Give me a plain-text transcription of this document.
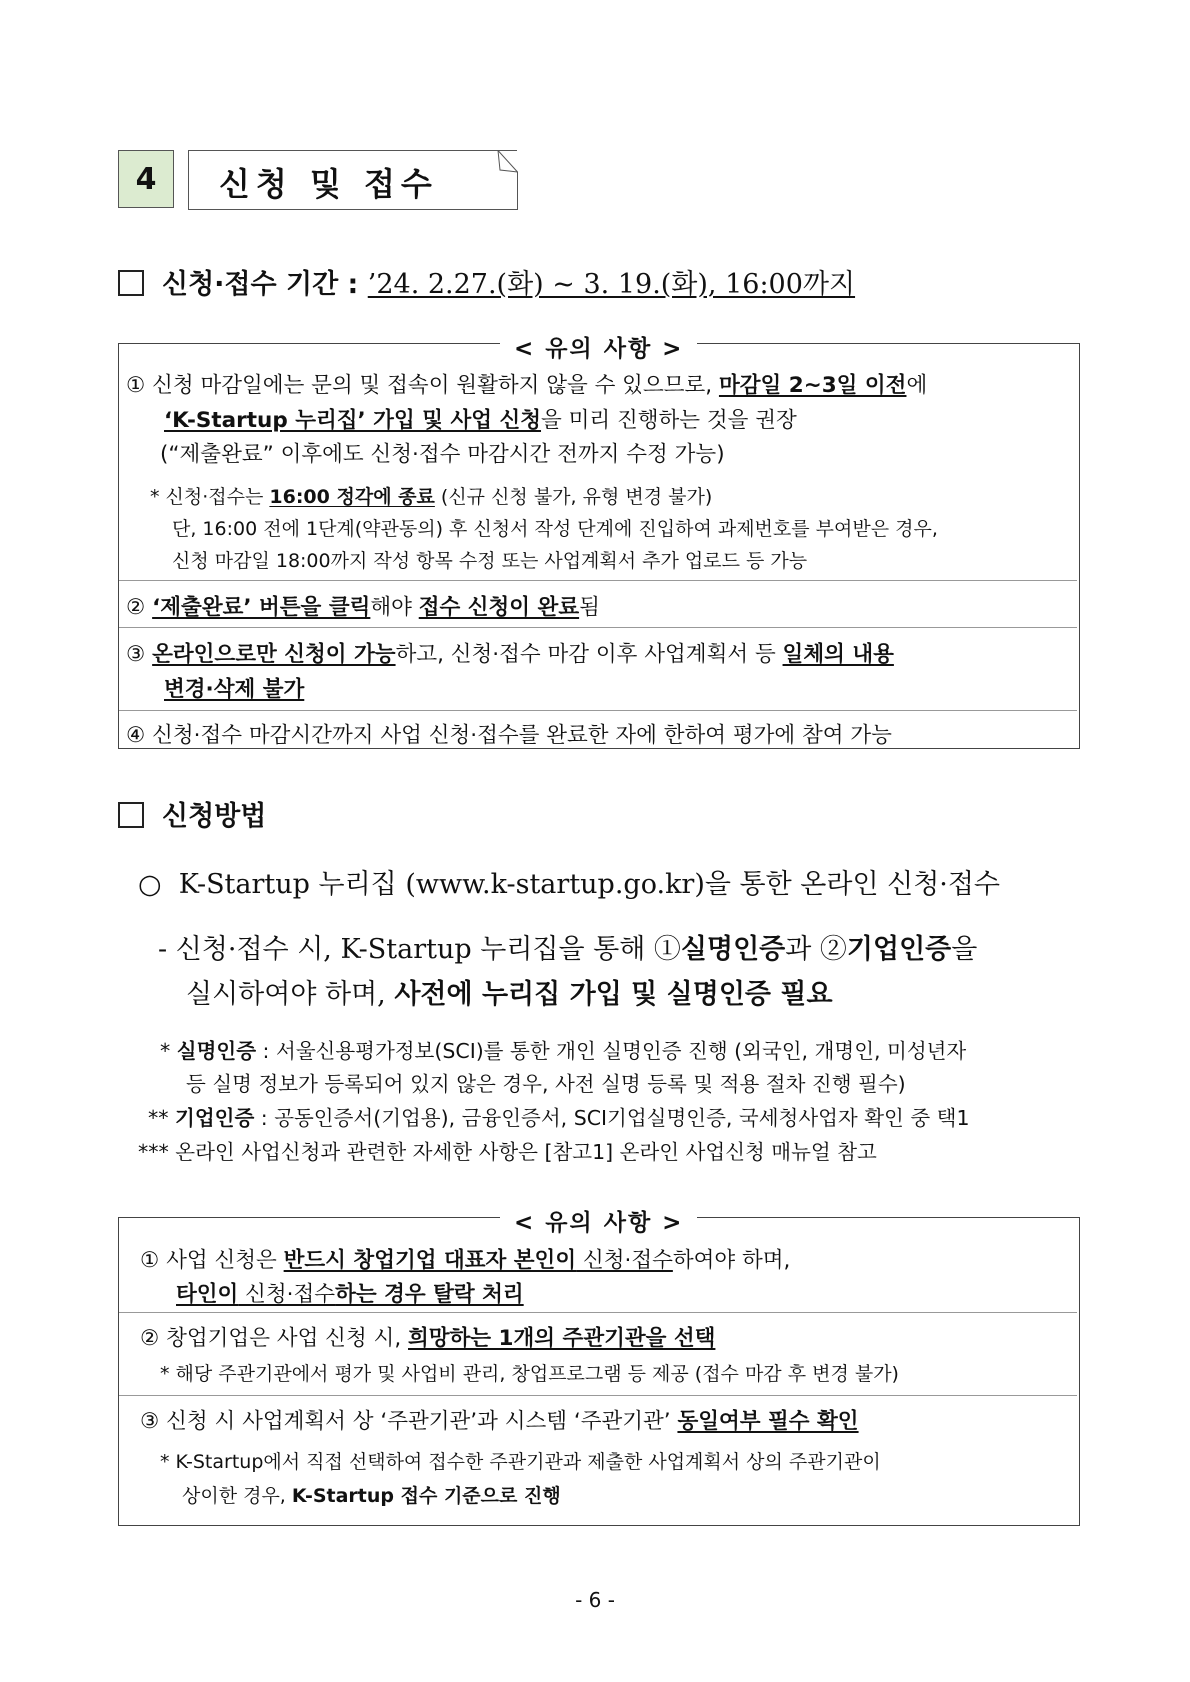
4 신청 및 접수
신청·접수 기간 : ’24. 2.27.(화) ~ 3. 19.(화), 16:00까지
< 유의 사항 >
① 신청 마감일에는 문의 및 접속이 원활하지 않을 수 있으므로, 마감일 2~3일 이전에
‘K-Startup 누리집’ 가입 및 사업 신청을 미리 진행하는 것을 권장
(“제출완료” 이후에도 신청·접수 마감시간 전까지 수정 가능)
* 신청·접수는 16:00 정각에 종료 (신규 신청 불가, 유형 변경 불가)
단, 16:00 전에 1단계(약관동의) 후 신청서 작성 단계에 진입하여 과제번호를 부여받은 경우,
신청 마감일 18:00까지 작성 항목 수정 또는 사업계획서 추가 업로드 등 가능
② ‘제출완료’ 버튼을 클릭해야 접수 신청이 완료됨
③ 온라인으로만 신청이 가능하고, 신청·접수 마감 이후 사업계획서 등 일체의 내용
변경·삭제 불가
④ 신청·접수 마감시간까지 사업 신청·접수를 완료한 자에 한하여 평가에 참여 가능
신청방법
○ K-Startup 누리집 (www.k-startup.go.kr)을 통한 온라인 신청·접수
- 신청·접수 시, K-Startup 누리집을 통해 ①실명인증과 ②기업인증을
실시하여야 하며, 사전에 누리집 가입 및 실명인증 필요
* 실명인증 : 서울신용평가정보(SCI)를 통한 개인 실명인증 진행 (외국인, 개명인, 미성년자
등 실명 정보가 등록되어 있지 않은 경우, 사전 실명 등록 및 적용 절차 진행 필수)
** 기업인증 : 공동인증서(기업용), 금융인증서, SCI기업실명인증, 국세청사업자 확인 중 택1
*** 온라인 사업신청과 관련한 자세한 사항은 [참고1] 온라인 사업신청 매뉴얼 참고
< 유의 사항 >
① 사업 신청은 반드시 창업기업 대표자 본인이 신청·접수하여야 하며,
타인이 신청·접수하는 경우 탈락 처리
② 창업기업은 사업 신청 시, 희망하는 1개의 주관기관을 선택
* 해당 주관기관에서 평가 및 사업비 관리, 창업프로그램 등 제공 (접수 마감 후 변경 불가)
③ 신청 시 사업계획서 상 ‘주관기관’과 시스템 ‘주관기관’ 동일여부 필수 확인
* K-Startup에서 직접 선택하여 접수한 주관기관과 제출한 사업계획서 상의 주관기관이
상이한 경우, K-Startup 접수 기준으로 진행
- 6 -
